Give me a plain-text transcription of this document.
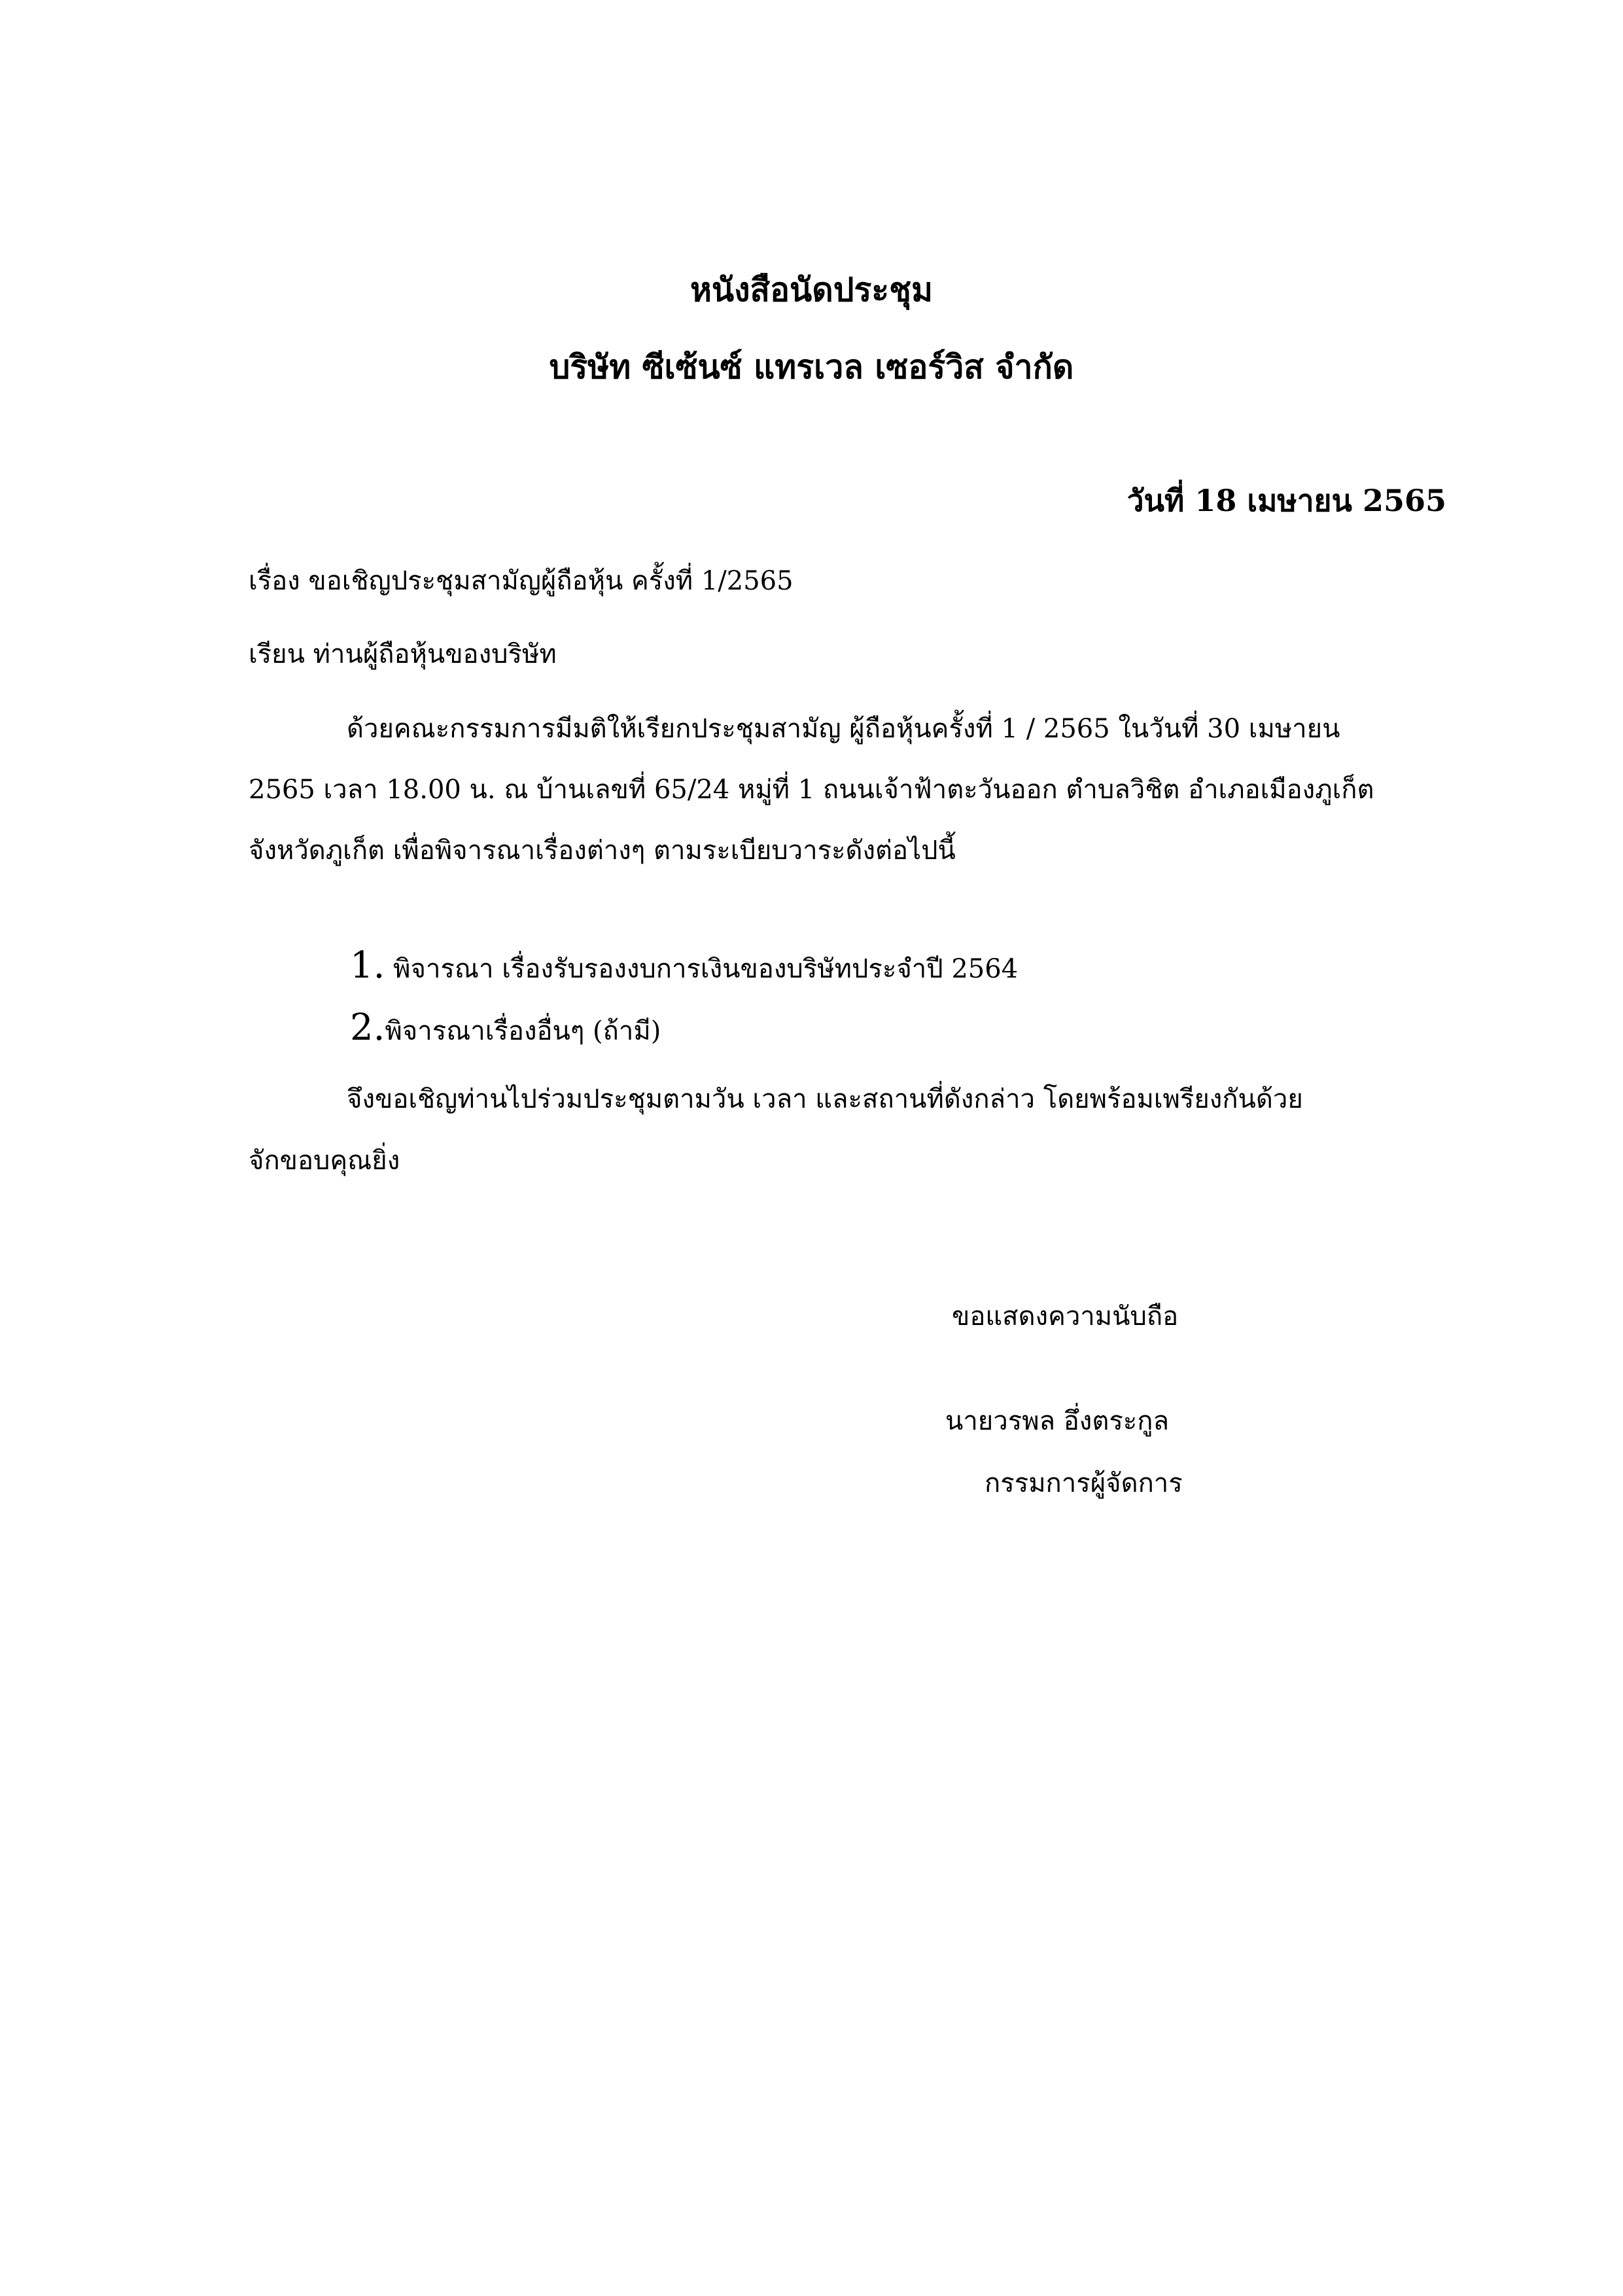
หนังสือนัดประชุม
บริษัท ซีเซ้นซ์ แทรเวล เซอร์วิส จำกัด
วันที่ 18 เมษายน 2565
เรื่อง ขอเชิญประชุมสามัญผู้ถือหุ้น ครั้งที่ 1/2565
เรียน ท่านผู้ถือหุ้นของบริษัท
ด้วยคณะกรรมการมีมติให้เรียกประชุมสามัญ ผู้ถือหุ้นครั้งที่ 1 / 2565 ในวันที่ 30 เมษายน
2565 เวลา 18.00 น. ณ บ้านเลขที่ 65/24 หมู่ที่ 1 ถนนเจ้าฟ้าตะวันออก ตำบลวิชิต อำเภอเมืองภูเก็ต
จังหวัดภูเก็ต เพื่อพิจารณาเรื่องต่างๆ ตามระเบียบวาระดังต่อไปนี้
1. พิจารณา เรื่องรับรองงบการเงินของบริษัทประจำปี 2564
2.พิจารณาเรื่องอื่นๆ (ถ้ามี)
จึงขอเชิญท่านไปร่วมประชุมตามวัน เวลา และสถานที่ดังกล่าว โดยพร้อมเพรียงกันด้วย
จักขอบคุณยิ่ง
ขอแสดงความนับถือ
นายวรพล อึ่งตระกูล
กรรมการผู้จัดการ
